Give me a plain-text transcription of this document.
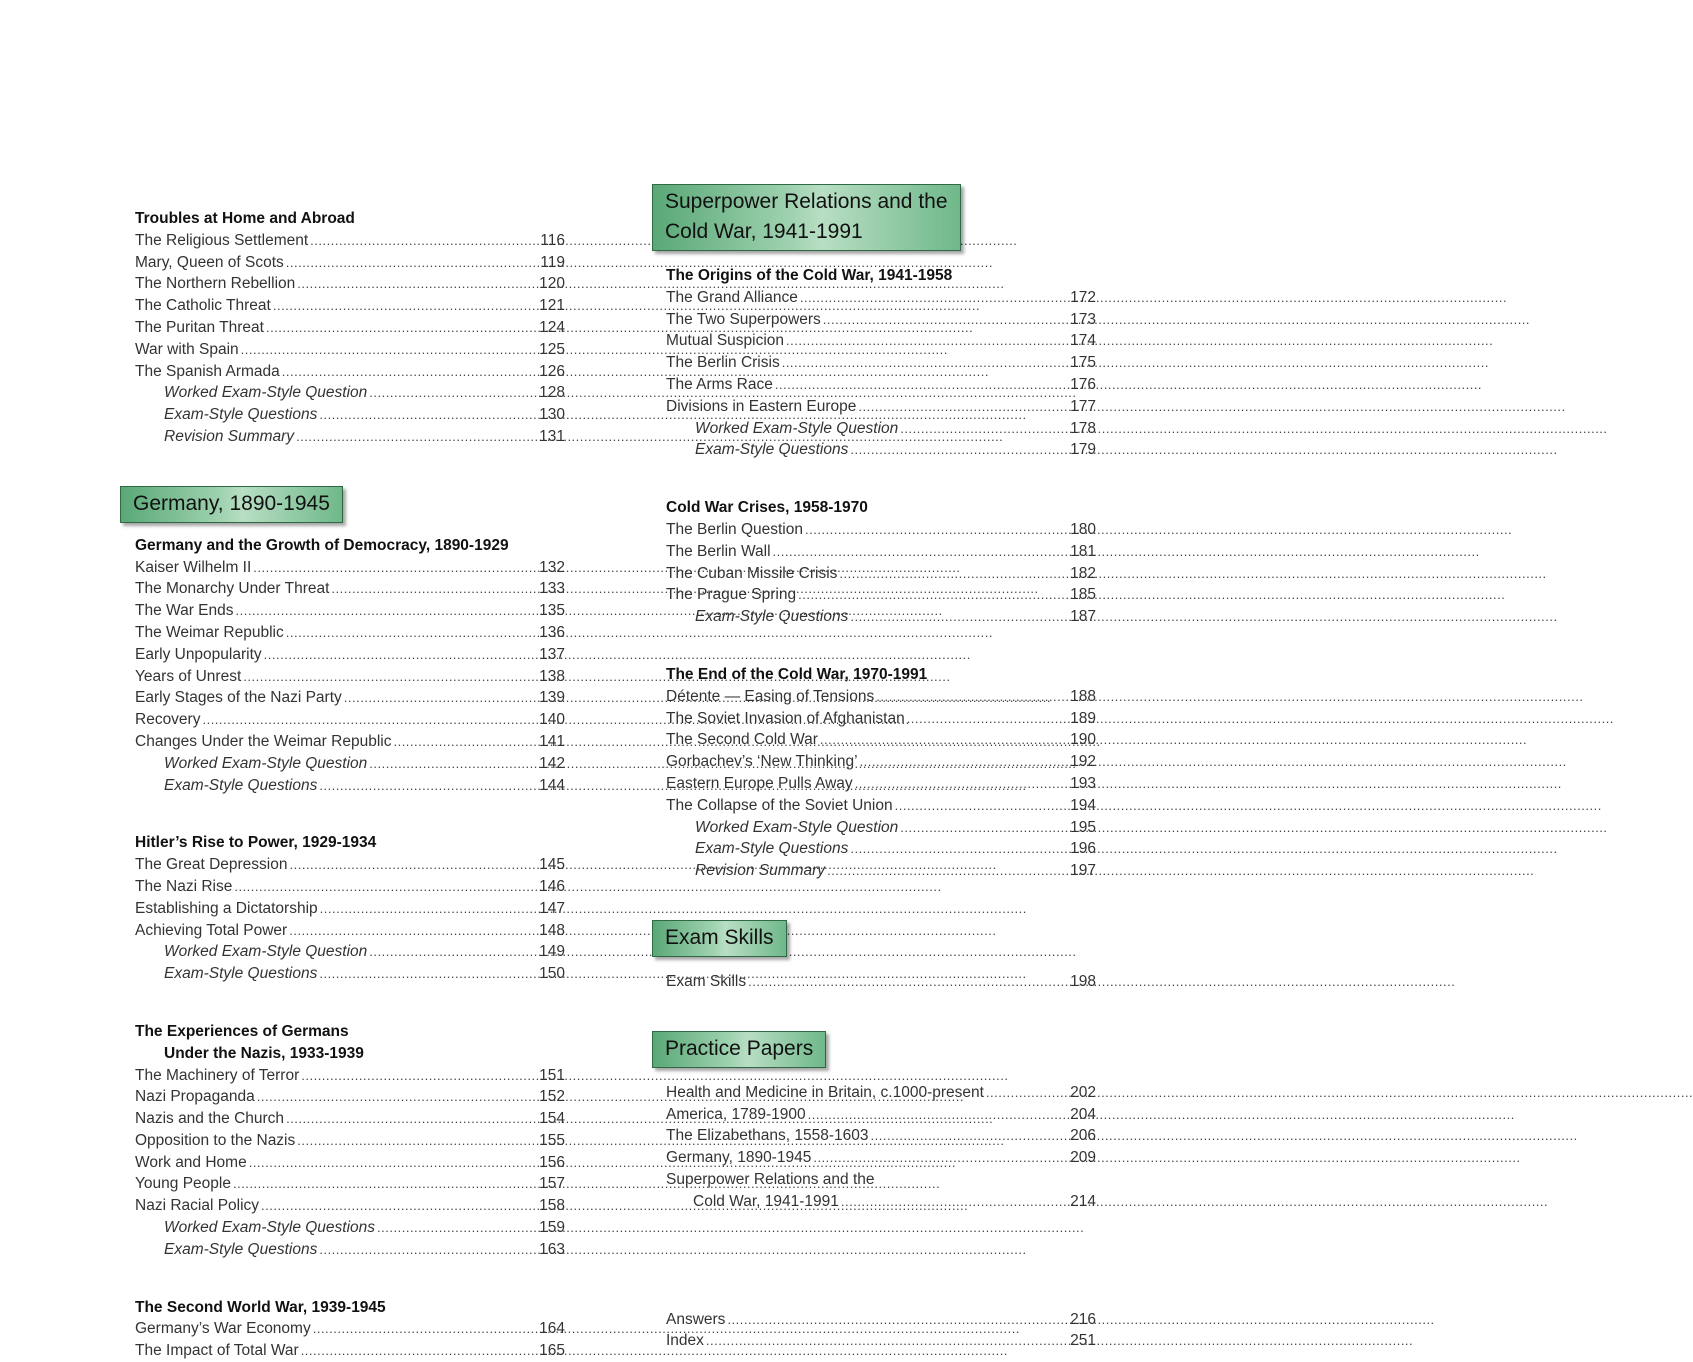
Troubles at Home and Abroad
The Religious Settlement .....	116
Mary, Queen of Scots .....	119
The Northern Rebellion .....	120
The Catholic Threat .....	121
The Puritan Threat .....	124
War with Spain .....	125
The Spanish Armada .....	126
Worked Exam-Style Question .....	128
Exam-Style Questions .....	130
Revision Summary .....	131
Germany, 1890-1945
Germany and the Growth of Democracy, 1890-1929
Kaiser Wilhelm II .....	132
The Monarchy Under Threat .....	133
The War Ends .....	135
The Weimar Republic .....	136
Early Unpopularity .....	137
Years of Unrest .....	138
Early Stages of the Nazi Party .....	139
Recovery .....	140
Changes Under the Weimar Republic .....	141
Worked Exam-Style Question .....	142
Exam-Style Questions .....	144
Hitler’s Rise to Power, 1929-1934
The Great Depression .....	145
The Nazi Rise .....	146
Establishing a Dictatorship .....	147
Achieving Total Power .....	148
Worked Exam-Style Question .....	149
Exam-Style Questions .....	150
The Experiences of Germans
Under the Nazis, 1933-1939
The Machinery of Terror .....	151
Nazi Propaganda .....	152
Nazis and the Church .....	154
Opposition to the Nazis .....	155
Work and Home .....	156
Young People .....	157
Nazi Racial Policy .....	158
Worked Exam-Style Questions .....	159
Exam-Style Questions .....	163
The Second World War, 1939-1945
Germany’s War Economy .....	164
The Impact of Total War .....	165
Superpower Relations and the
Cold War, 1941-1991
The Origins of the Cold War, 1941-1958
The Grand Alliance .....	172
The Two Superpowers .....	173
Mutual Suspicion .....	174
The Berlin Crisis .....	175
The Arms Race .....	176
Divisions in Eastern Europe .....	177
Worked Exam-Style Question .....	178
Exam-Style Questions .....	179
Cold War Crises, 1958-1970
The Berlin Question .....	180
The Berlin Wall .....	181
The Cuban Missile Crisis .....	182
The Prague Spring .....	185
Exam-Style Questions .....	187
The End of the Cold War, 1970-1991
Détente — Easing of Tensions .....	188
The Soviet Invasion of Afghanistan .....	189
The Second Cold War .....	190
Gorbachev’s ‘New Thinking’ .....	192
Eastern Europe Pulls Away .....	193
The Collapse of the Soviet Union .....	194
Worked Exam-Style Question .....	195
Exam-Style Questions .....	196
Revision Summary .....	197
Exam Skills
Exam Skills .....	198
Practice Papers
Health and Medicine in Britain, c.1000-present .....	202
America, 1789-1900 .....	204
The Elizabethans, 1558-1603 .....	206
Germany, 1890-1945 .....	209
Superpower Relations and the
Cold War, 1941-1991 .....	214
Answers .....	216
Index .....	251
